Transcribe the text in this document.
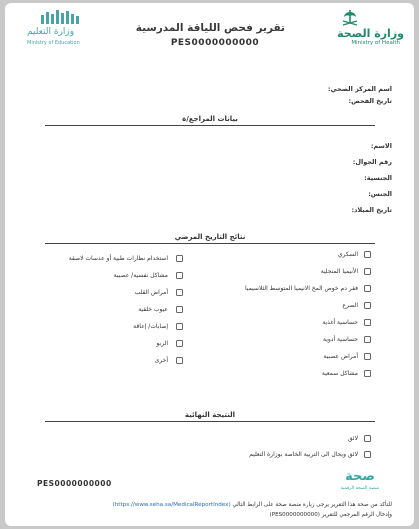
وزارة الصحة
Ministry of Health
وزارة التعليم
Ministry of Education
تقرير فحص اللياقة المدرسية
PES0000000000
اسم المركز الصحي:
تاريخ الفحص:
بيانات المراجع/ة
الاسم:
رقم الجوال:
الجنسية:
الجنس:
تاريخ الميلاد:
نتائج التاريخ المرضي
السكري
الأنيميا المنجلية
فقر دم خوص المخ الانيميا المتوسط الثلاسيميا
الصرع
حساسية أغذية
حساسية أدوية
أمراض عصبية
مشاكل سمعية
استخدام نظارات طبية أو عدسات لاصقة
مشاكل نفسية/ عصبية
أمراض القلب
عيوب خلقية
إصابات/ إعاقة
الربو
أخرى
النتيجة النهائية
لائق
لائق ويحال الى التربية الخاصة بوزارة التعليم
PES0000000000	صحة
منصة الصحة الرقمية
للتأكد من صحة هذا التقرير يرجى زيارة منصة صحة على الرابط التالي (https://www.seha.sa/MedicalReportIndex)
وإدخال الرقم المرجعي للتقرير (PES0000000000)
